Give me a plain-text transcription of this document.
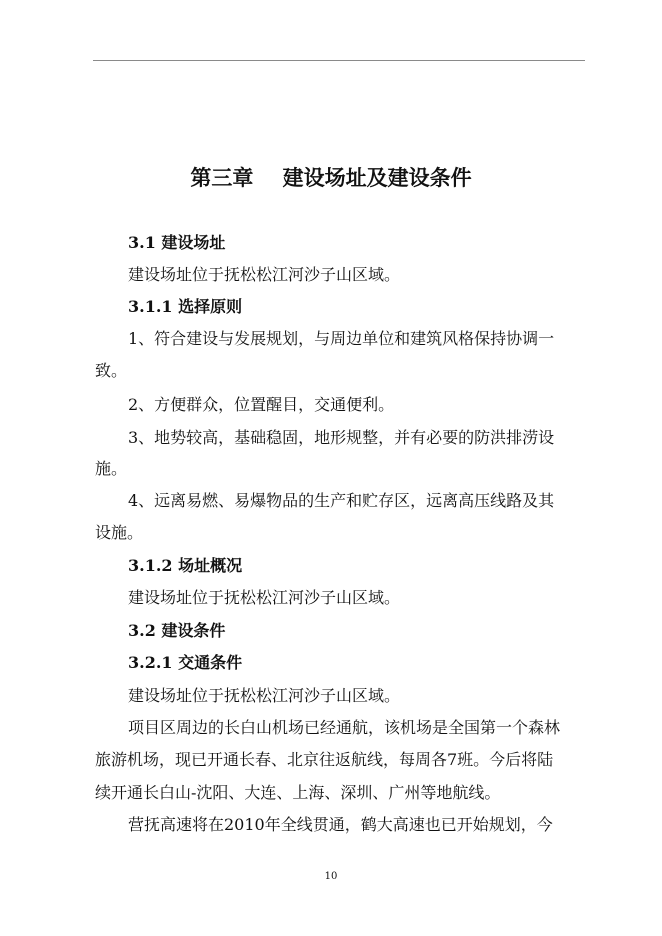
第三章    建设场址及建设条件
3.1 建设场址
建设场址位于抚松松江河沙子山区域。
3.1.1 选择原则
1、符合建设与发展规划，与周边单位和建筑风格保持协调一
致。
2、方便群众，位置醒目，交通便利。
3、地势较高，基础稳固，地形规整，并有必要的防洪排涝设
施。
4、远离易燃、易爆物品的生产和贮存区，远离高压线路及其
设施。
3.1.2 场址概况
建设场址位于抚松松江河沙子山区域。
3.2 建设条件
3.2.1 交通条件
建设场址位于抚松松江河沙子山区域。
项目区周边的长白山机场已经通航，该机场是全国第一个森林
旅游机场，现已开通长春、北京往返航线，每周各7班。今后将陆
续开通长白山-沈阳、大连、上海、深圳、广州等地航线。
营抚高速将在2010年全线贯通，鹤大高速也已开始规划，今
10
